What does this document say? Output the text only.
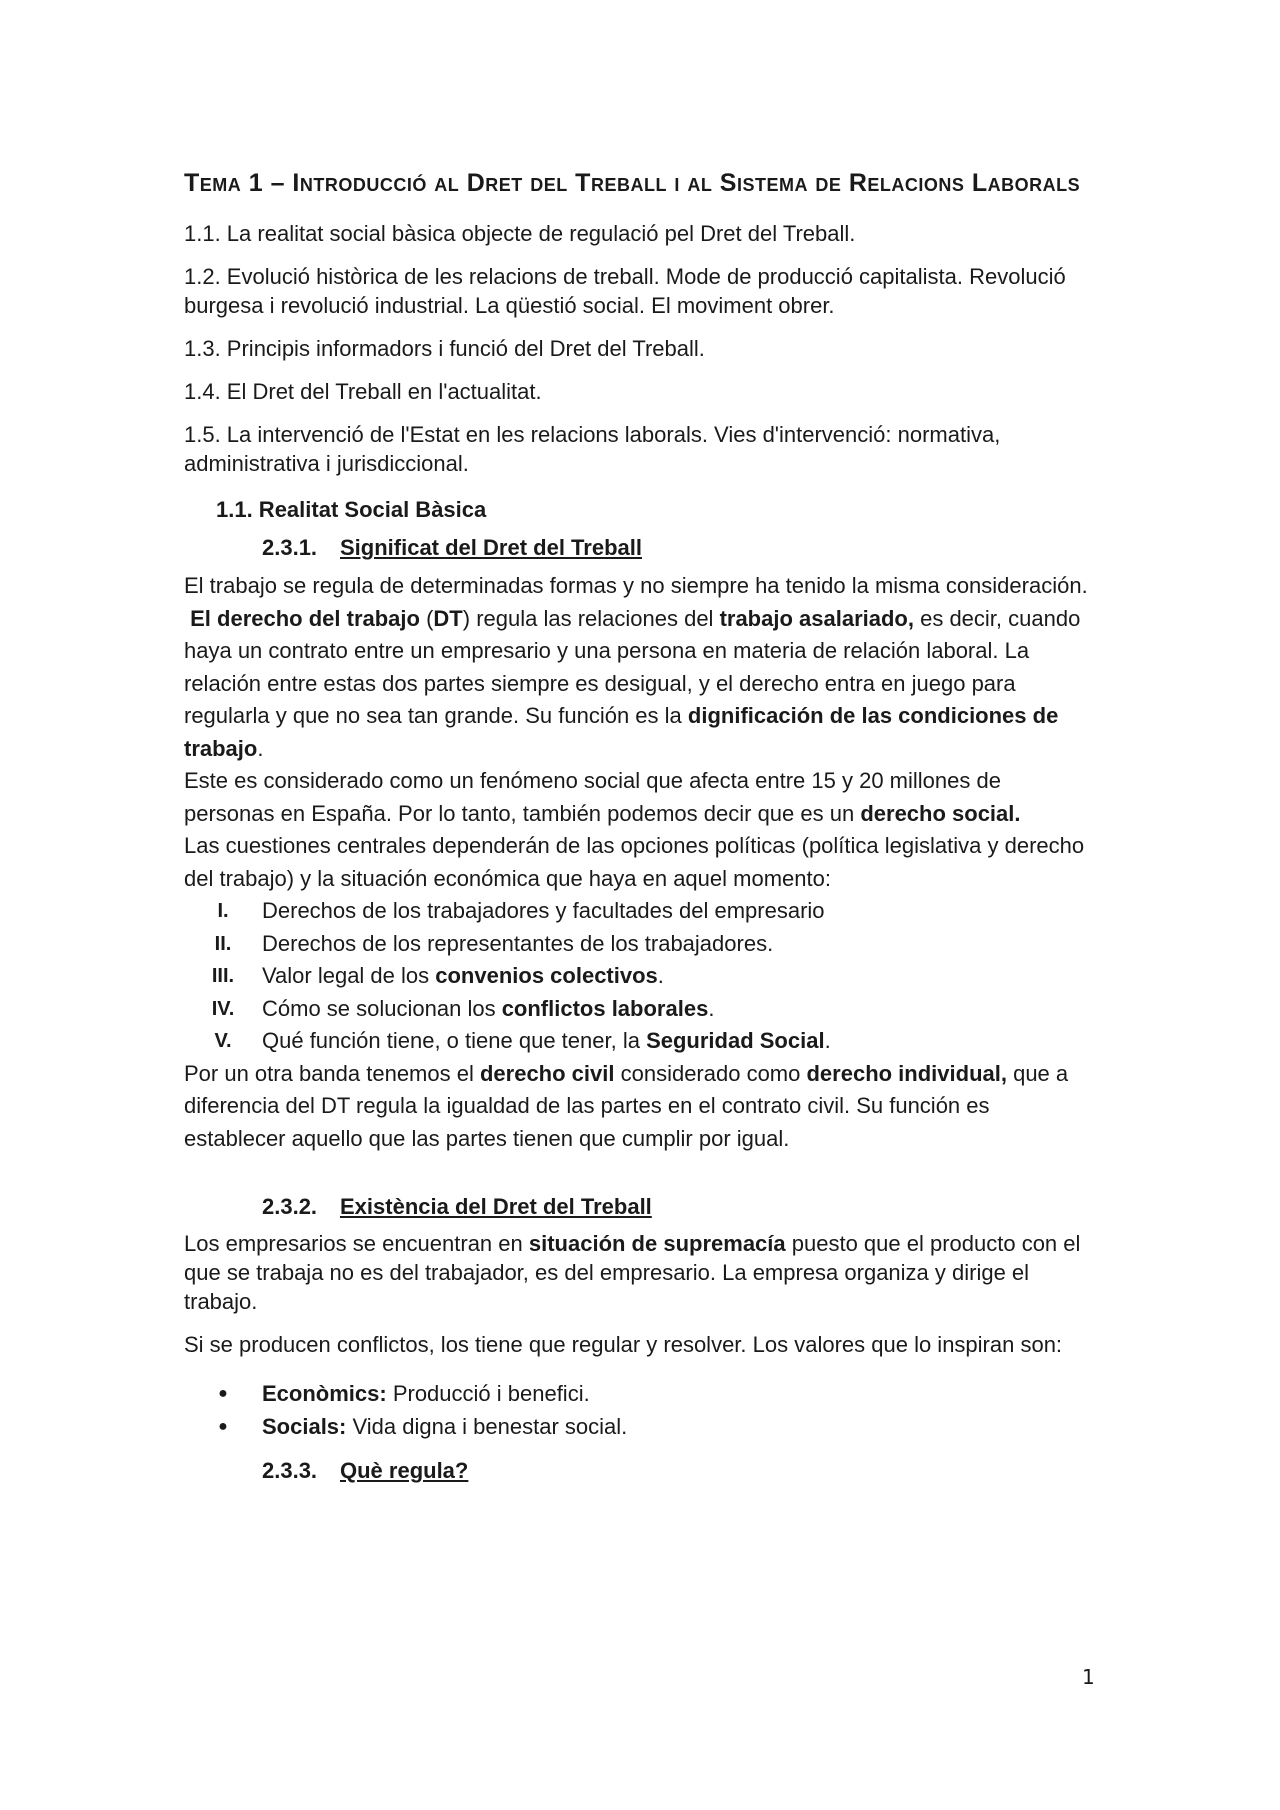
Tema 1 – Introducció al Dret del Treball i al Sistema de Relacions Laborals

1.1. La realitat social bàsica objecte de regulació pel Dret del Treball.

1.2. Evolució històrica de les relacions de treball. Mode de producció capitalista. Revolució burgesa i revolució industrial. La qüestió social. El moviment obrer.

1.3. Principis informadors i funció del Dret del Treball.

1.4. El Dret del Treball en l'actualitat.

1.5. La intervenció de l'Estat en les relacions laborals. Vies d'intervenció: normativa, administrativa i jurisdiccional.

1.1. Realitat Social Bàsica
2.3.1. Significat del Dret del Treball

El trabajo se regula de determinadas formas y no siempre ha tenido la misma consideración.

El derecho del trabajo (DT) regula las relaciones del trabajo asalariado, es decir, cuando haya un contrato entre un empresario y una persona en materia de relación laboral. La relación entre estas dos partes siempre es desigual, y el derecho entra en juego para regularla y que no sea tan grande. Su función es la dignificación de las condiciones de trabajo.

Este es considerado como un fenómeno social que afecta entre 15 y 20 millones de personas en España. Por lo tanto, también podemos decir que es un derecho social.

Las cuestiones centrales dependerán de las opciones políticas (política legislativa y derecho del trabajo) y la situación económica que haya en aquel momento:

I.	Derechos de los trabajadores y facultades del empresario
II.	Derechos de los representantes de los trabajadores.
III.	Valor legal de los convenios colectivos.
IV.	Cómo se solucionan los conflictos laborales.
V.	Qué función tiene, o tiene que tener, la Seguridad Social.

Por un otra banda tenemos el derecho civil considerado como derecho individual, que a diferencia del DT regula la igualdad de las partes en el contrato civil. Su función es establecer aquello que las partes tienen que cumplir por igual.

2.3.2. Existència del Dret del Treball

Los empresarios se encuentran en situación de supremacía puesto que el producto con el que se trabaja no es del trabajador, es del empresario. La empresa organiza y dirige el trabajo.

Si se producen conflictos, los tiene que regular y resolver. Los valores que lo inspiran son:

●	Econòmics: Producció i benefici.
●	Socials: Vida digna i benestar social.
2.3.3. Què regula?
1
